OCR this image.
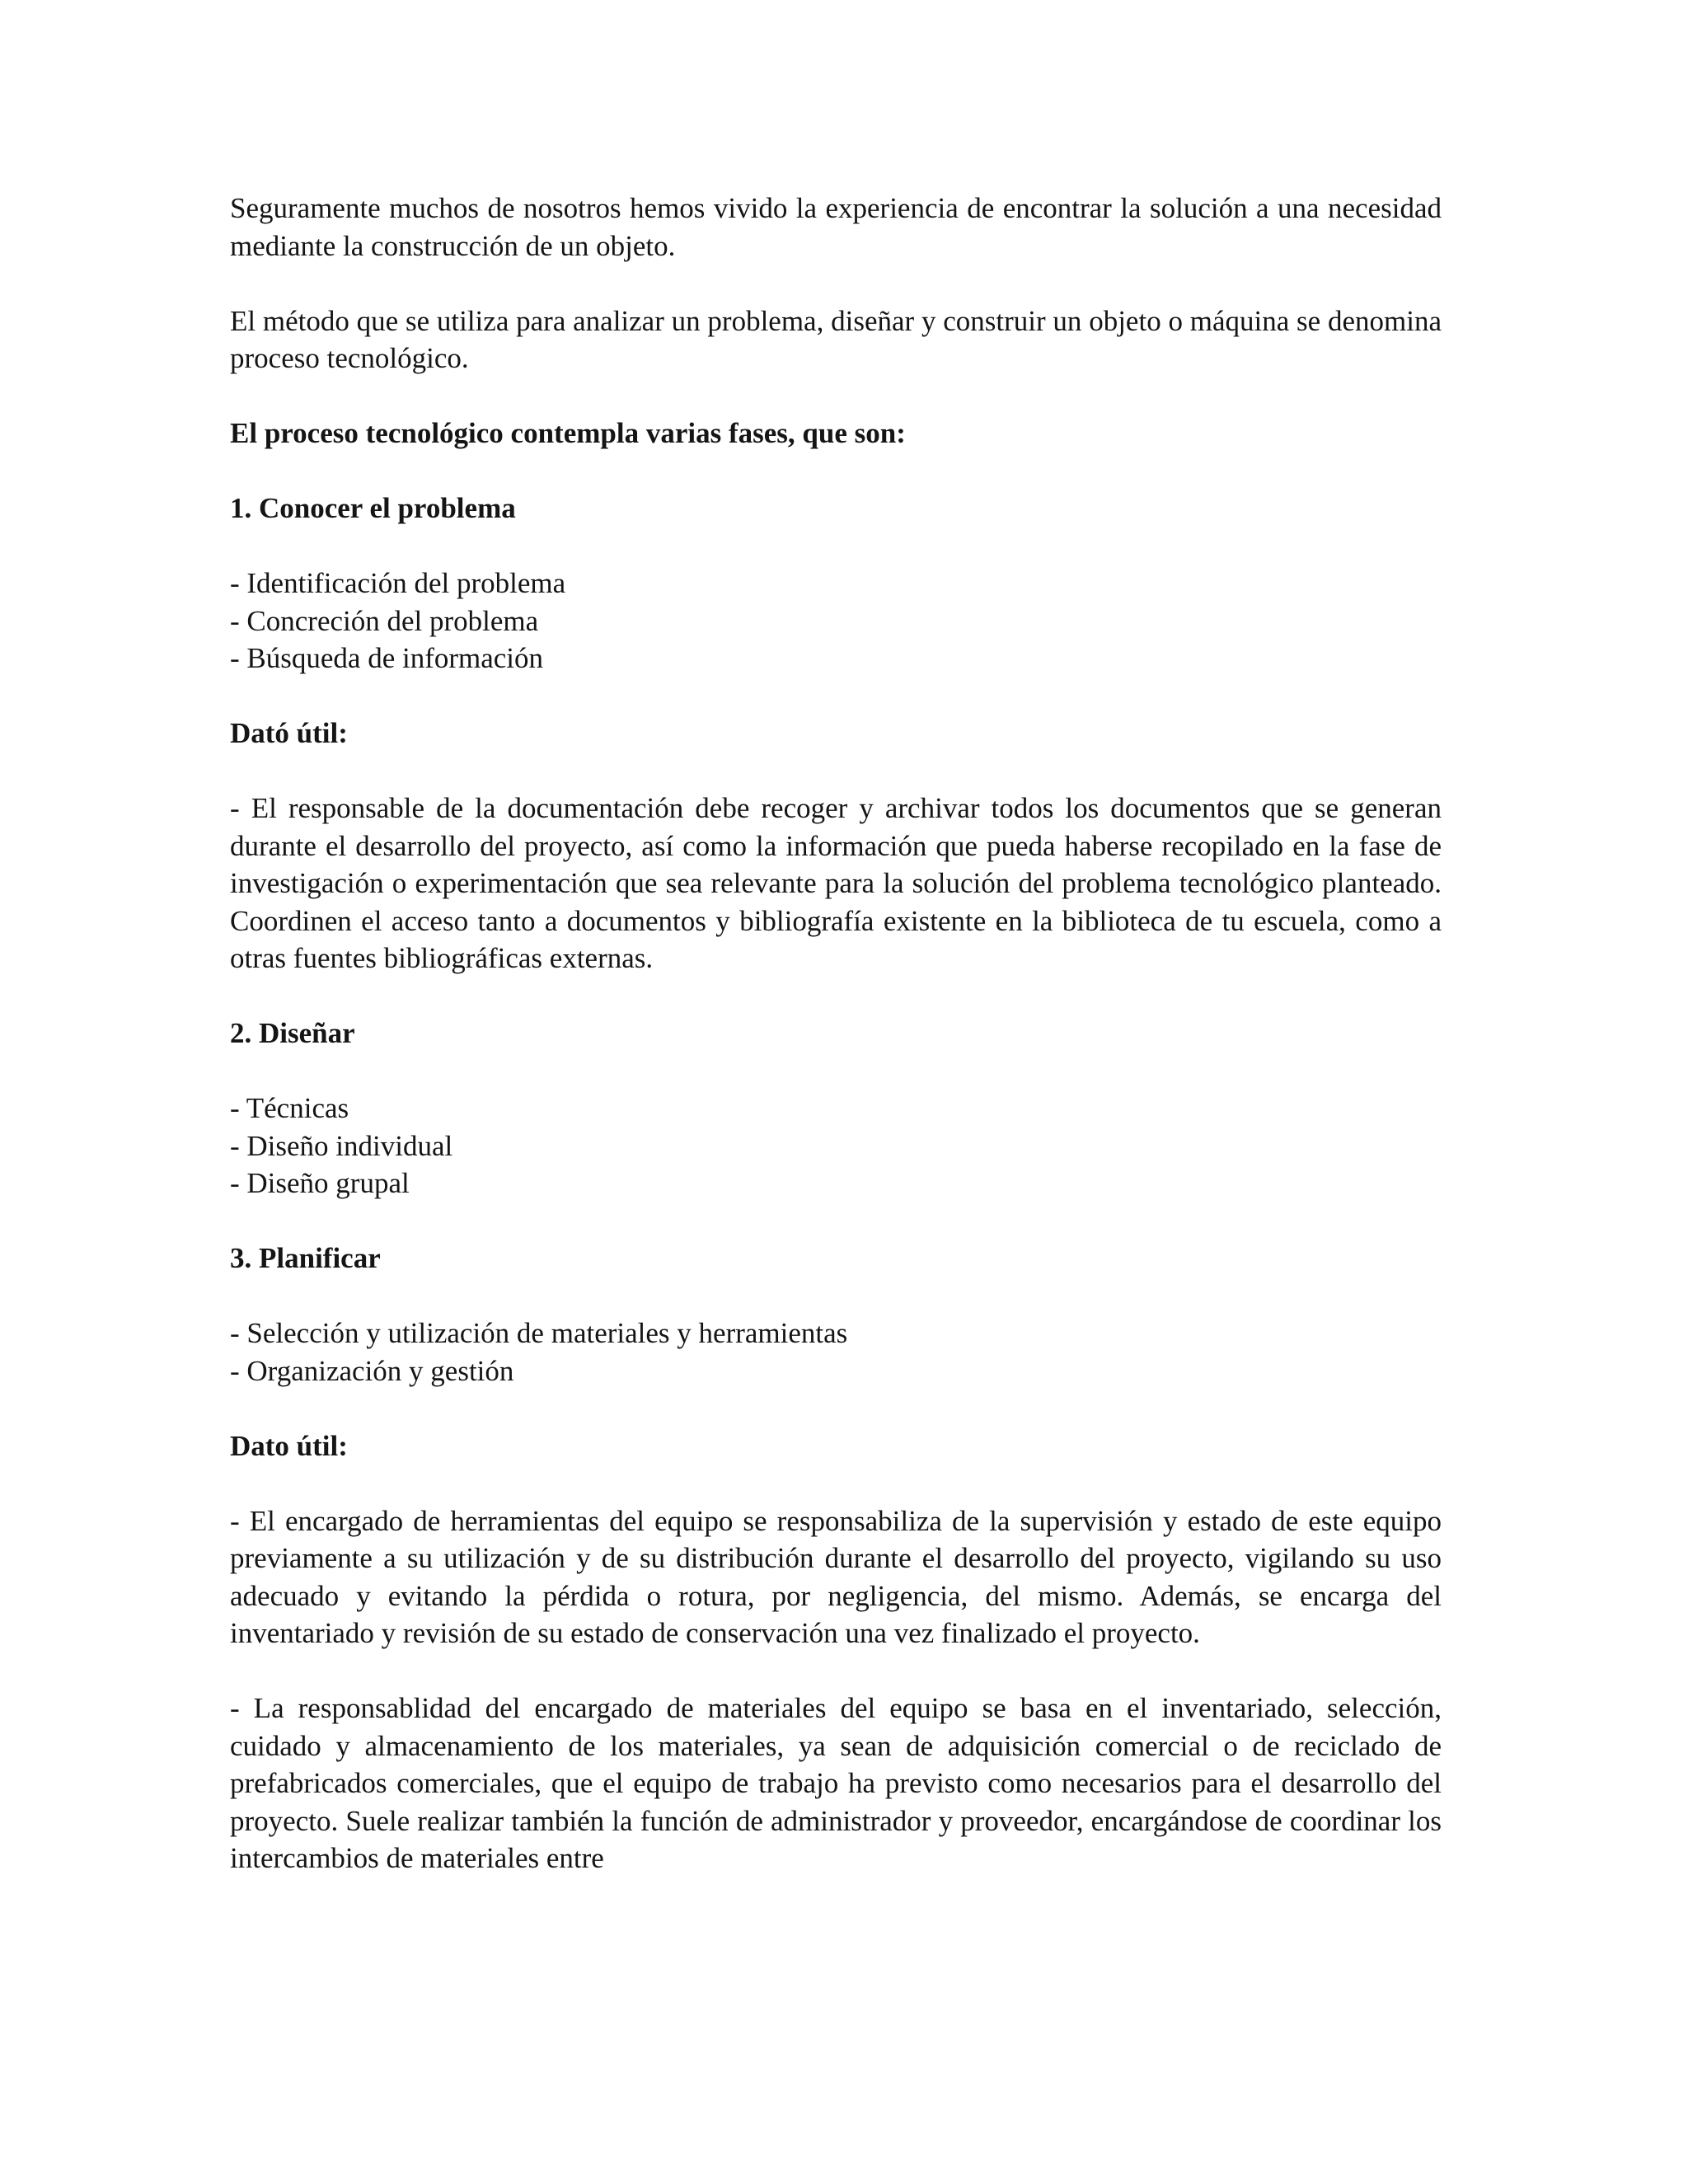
Seguramente muchos de nosotros hemos vivido la experiencia de encontrar la solución a una necesidad mediante la construcción de un objeto.

El método que se utiliza para analizar un problema, diseñar y construir un objeto o máquina se denomina proceso tecnológico.

El proceso tecnológico contempla varias fases, que son:
1. Conocer el problema
- Identificación del problema
- Concreción del problema
- Búsqueda de información
Dató útil:

- El responsable de la documentación debe recoger y archivar todos los documentos que se generan durante el desarrollo del proyecto, así como la información que pueda haberse recopilado en la fase de investigación o experimentación que sea relevante para la solución del problema tecnológico planteado. Coordinen el acceso tanto a documentos y bibliografía existente en la biblioteca de tu escuela, como a otras fuentes bibliográficas externas.

2. Diseñar
- Técnicas
- Diseño individual
- Diseño grupal
3. Planificar
- Selección y utilización de materiales y herramientas
- Organización y gestión
Dato útil:

- El encargado de herramientas del equipo se responsabiliza de la supervisión y estado de este equipo previamente a su utilización y de su distribución durante el desarrollo del proyecto, vigilando su uso adecuado y evitando la pérdida o rotura, por negligencia, del mismo. Además, se encarga del inventariado y revisión de su estado de conservación una vez finalizado el proyecto.

- La responsablidad del encargado de materiales del equipo se basa en el inventariado, selección, cuidado y almacenamiento de los materiales, ya sean de adquisición comercial o de reciclado de prefabricados comerciales, que el equipo de trabajo ha previsto como necesarios para el desarrollo del proyecto. Suele realizar también la función de administrador y proveedor, encargándose de coordinar los intercambios de materiales entre
